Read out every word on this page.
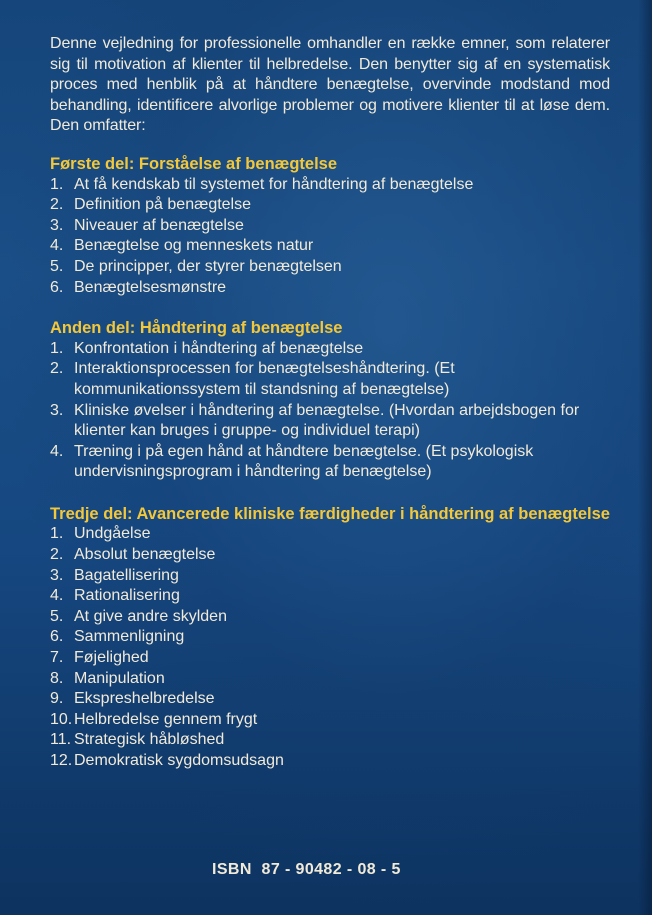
Denne vejledning for professionelle omhandler en række emner, som relaterer sig til motivation af klienter til helbredelse. Den benytter sig af en systematisk proces med henblik på at håndtere benægtelse, overvinde modstand mod behandling, identificere alvorlige problemer og motivere klienter til at løse dem. Den omfatter:

Første del: Forståelse af benægtelse
1. At få kendskab til systemet for håndtering af benægtelse
2. Definition på benægtelse
3. Niveauer af benægtelse
4. Benægtelse og menneskets natur
5. De principper, der styrer benægtelsen
6. Benægtelsesmønstre
Anden del: Håndtering af benægtelse
1. Konfrontation i håndtering af benægtelse
2. Interaktionsprocessen for benægtelseshåndtering. (Et kommunikationssystem til standsning af benægtelse)
3. Kliniske øvelser i håndtering af benægtelse. (Hvordan arbejdsbogen for klienter kan bruges i gruppe- og individuel terapi)
4. Træning i på egen hånd at håndtere benægtelse. (Et psykologisk undervisningsprogram i håndtering af benægtelse)
Tredje del: Avancerede kliniske færdigheder i håndtering af benægtelse
1. Undgåelse
2. Absolut benægtelse
3. Bagatellisering
4. Rationalisering
5. At give andre skylden
6. Sammenligning
7. Føjelighed
8. Manipulation
9. Ekspreshelbredelse
10. Helbredelse gennem frygt
11. Strategisk håbløshed
12. Demokratisk sygdomsudsagn
ISBN  87 - 90482 - 08 - 5
